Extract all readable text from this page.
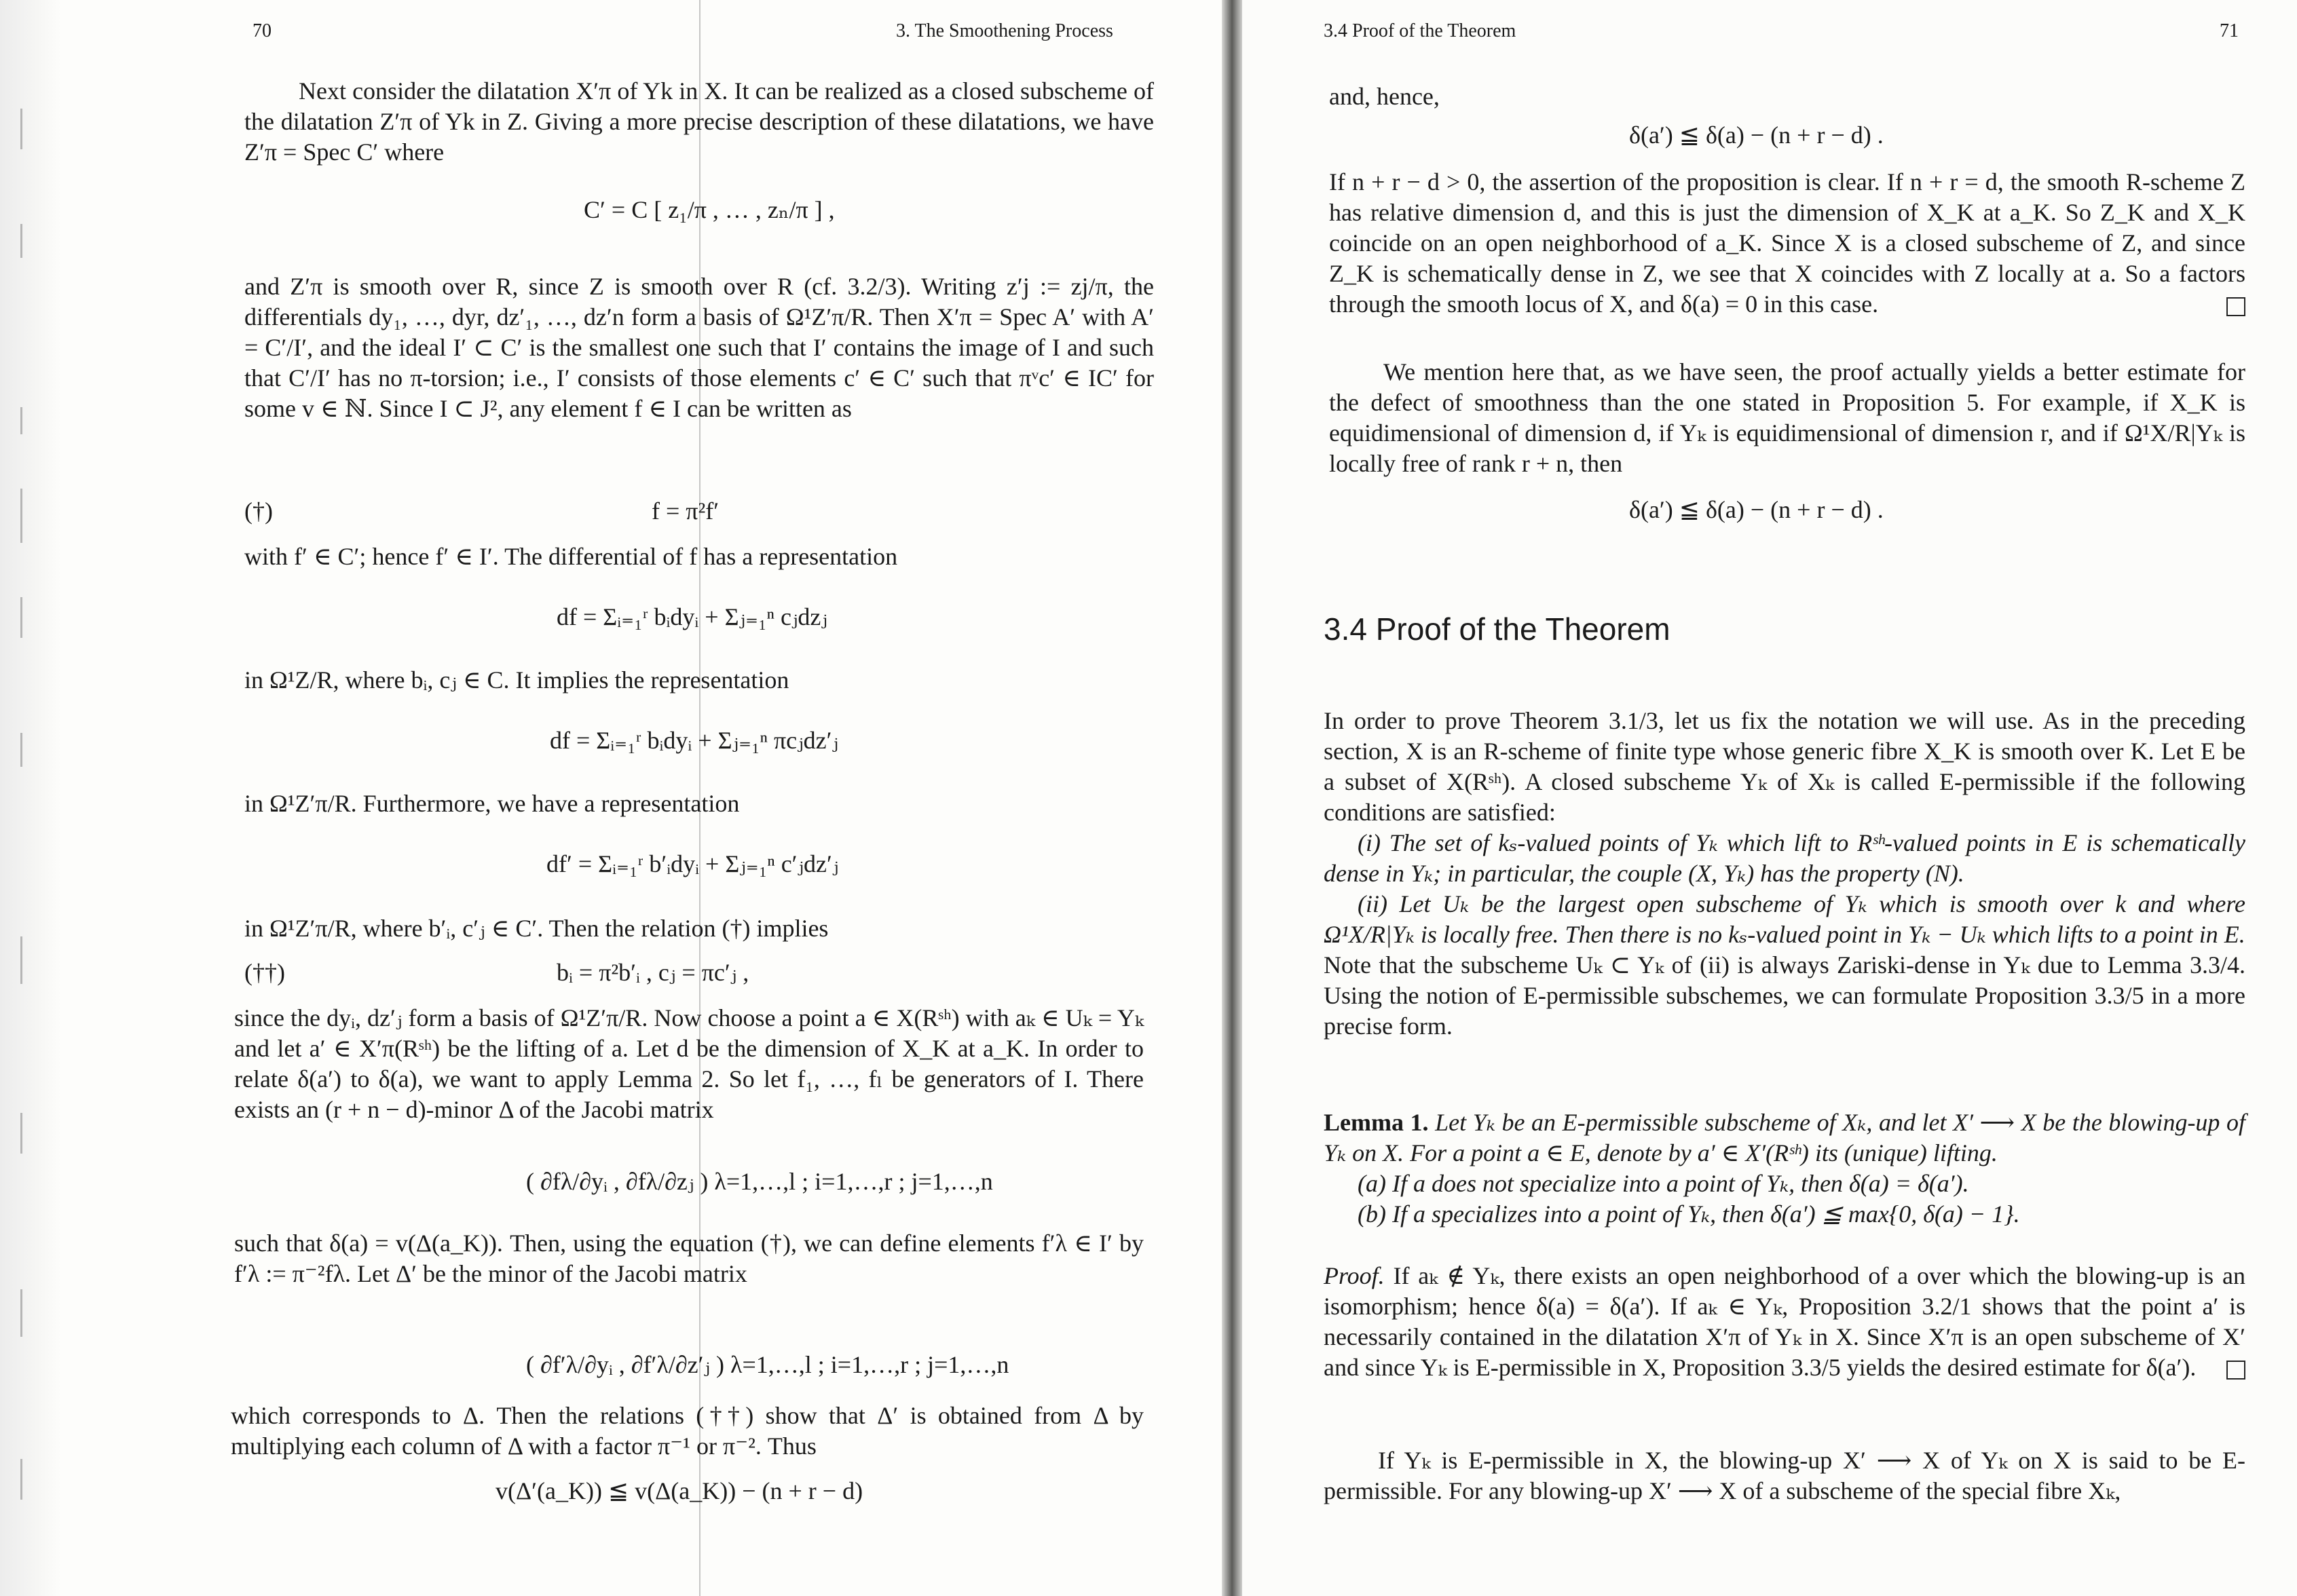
70	3. The Smoothening Process

Next consider the dilatation X′π of Yk in X. It can be realized as a closed subscheme of the dilatation Z′π of Yk in Z. Giving a more precise description of these dilatations, we have Z′π = Spec C′ where

C′ = C [ z₁/π , … , zₙ/π ] ,

and Z′π is smooth over R, since Z is smooth over R (cf. 3.2/3). Writing z′j := zj/π, the differentials dy₁, …, dyr, dz′₁, …, dz′n form a basis of Ω¹Z′π/R. Then X′π = Spec A′ with A′ = C′/I′, and the ideal I′ ⊂ C′ is the smallest one such that I′ contains the image of I and such that C′/I′ has no π-torsion; i.e., I′ consists of those elements c′ ∈ C′ such that πᵛc′ ∈ IC′ for some v ∈ ℕ. Since I ⊂ J², any element f ∈ I can be written as

(†)	f = π²f′

with f′ ∈ C′; hence f′ ∈ I′. The differential of f has a representation

df = Σᵢ₌₁ʳ bᵢdyᵢ + Σⱼ₌₁ⁿ cⱼdzⱼ

in Ω¹Z/R, where bᵢ, cⱼ ∈ C. It implies the representation

df = Σᵢ₌₁ʳ bᵢdyᵢ + Σⱼ₌₁ⁿ πcⱼdz′ⱼ

in Ω¹Z′π/R. Furthermore, we have a representation

df′ = Σᵢ₌₁ʳ b′ᵢdyᵢ + Σⱼ₌₁ⁿ c′ⱼdz′ⱼ

in Ω¹Z′π/R, where b′ᵢ, c′ⱼ ∈ C′. Then the relation (†) implies

(††)	bᵢ = π²b′ᵢ , cⱼ = πc′ⱼ ,

since the dyᵢ, dz′ⱼ form a basis of Ω¹Z′π/R. Now choose a point a ∈ X(Rˢʰ) with aₖ ∈ Uₖ = Yₖ and let a′ ∈ X′π(Rˢʰ) be the lifting of a. Let d be the dimension of X_K at a_K. In order to relate δ(a′) to δ(a), we want to apply Lemma 2. So let f₁, …, fₗ be generators of I. There exists an (r + n − d)-minor Δ of the Jacobi matrix

( ∂fλ/∂yᵢ , ∂fλ/∂zⱼ ) λ=1,…,l ; i=1,…,r ; j=1,…,n

such that δ(a) = v(Δ(a_K)). Then, using the equation (†), we can define elements f′λ ∈ I′ by f′λ := π⁻²fλ. Let Δ′ be the minor of the Jacobi matrix

( ∂f′λ/∂yᵢ , ∂f′λ/∂z′ⱼ ) λ=1,…,l ; i=1,…,r ; j=1,…,n

which corresponds to Δ. Then the relations (††) show that Δ′ is obtained from Δ by multiplying each column of Δ with a factor π⁻¹ or π⁻². Thus

v(Δ′(a_K)) ≦ v(Δ(a_K)) − (n + r − d)
3.4 Proof of the Theorem	71

and, hence,

δ(a′) ≦ δ(a) − (n + r − d) .

If n + r − d > 0, the assertion of the proposition is clear. If n + r = d, the smooth R-scheme Z has relative dimension d, and this is just the dimension of X_K at a_K. So Z_K and X_K coincide on an open neighborhood of a_K. Since X is a closed subscheme of Z, and since Z_K is schematically dense in Z, we see that X coincides with Z locally at a. So a factors through the smooth locus of X, and δ(a) = 0 in this case.

We mention here that, as we have seen, the proof actually yields a better estimate for the defect of smoothness than the one stated in Proposition 5. For example, if X_K is equidimensional of dimension d, if Yₖ is equidimensional of dimension r, and if Ω¹X/R|Yₖ is locally free of rank r + n, then

δ(a′) ≦ δ(a) − (n + r − d) .
3.4 Proof of the Theorem

In order to prove Theorem 3.1/3, let us fix the notation we will use. As in the preceding section, X is an R-scheme of finite type whose generic fibre X_K is smooth over K. Let E be a subset of X(Rˢʰ). A closed subscheme Yₖ of Xₖ is called E-permissible if the following conditions are satisfied:

(i) The set of kₛ-valued points of Yₖ which lift to Rˢʰ-valued points in E is schematically dense in Yₖ; in particular, the couple (X, Yₖ) has the property (N).

(ii) Let Uₖ be the largest open subscheme of Yₖ which is smooth over k and where Ω¹X/R|Yₖ is locally free. Then there is no kₛ-valued point in Yₖ − Uₖ which lifts to a point in E.

Note that the subscheme Uₖ ⊂ Yₖ of (ii) is always Zariski-dense in Yₖ due to Lemma 3.3/4. Using the notion of E-permissible subschemes, we can formulate Proposition 3.3/5 in a more precise form.

Lemma 1. Let Yₖ be an E-permissible subscheme of Xₖ, and let X′ ⟶ X be the blowing-up of Yₖ on X. For a point a ∈ E, denote by a′ ∈ X′(Rˢʰ) its (unique) lifting.

(a) If a does not specialize into a point of Yₖ, then δ(a) = δ(a′).

(b) If a specializes into a point of Yₖ, then δ(a′) ≦ max{0, δ(a) − 1}.

Proof. If aₖ ∉ Yₖ, there exists an open neighborhood of a over which the blowing-up is an isomorphism; hence δ(a) = δ(a′). If aₖ ∈ Yₖ, Proposition 3.2/1 shows that the point a′ is necessarily contained in the dilatation X′π of Yₖ in X. Since X′π is an open subscheme of X′ and since Yₖ is E-permissible in X, Proposition 3.3/5 yields the desired estimate for δ(a′).

If Yₖ is E-permissible in X, the blowing-up X′ ⟶ X of Yₖ on X is said to be E-permissible. For any blowing-up X′ ⟶ X of a subscheme of the special fibre Xₖ,
